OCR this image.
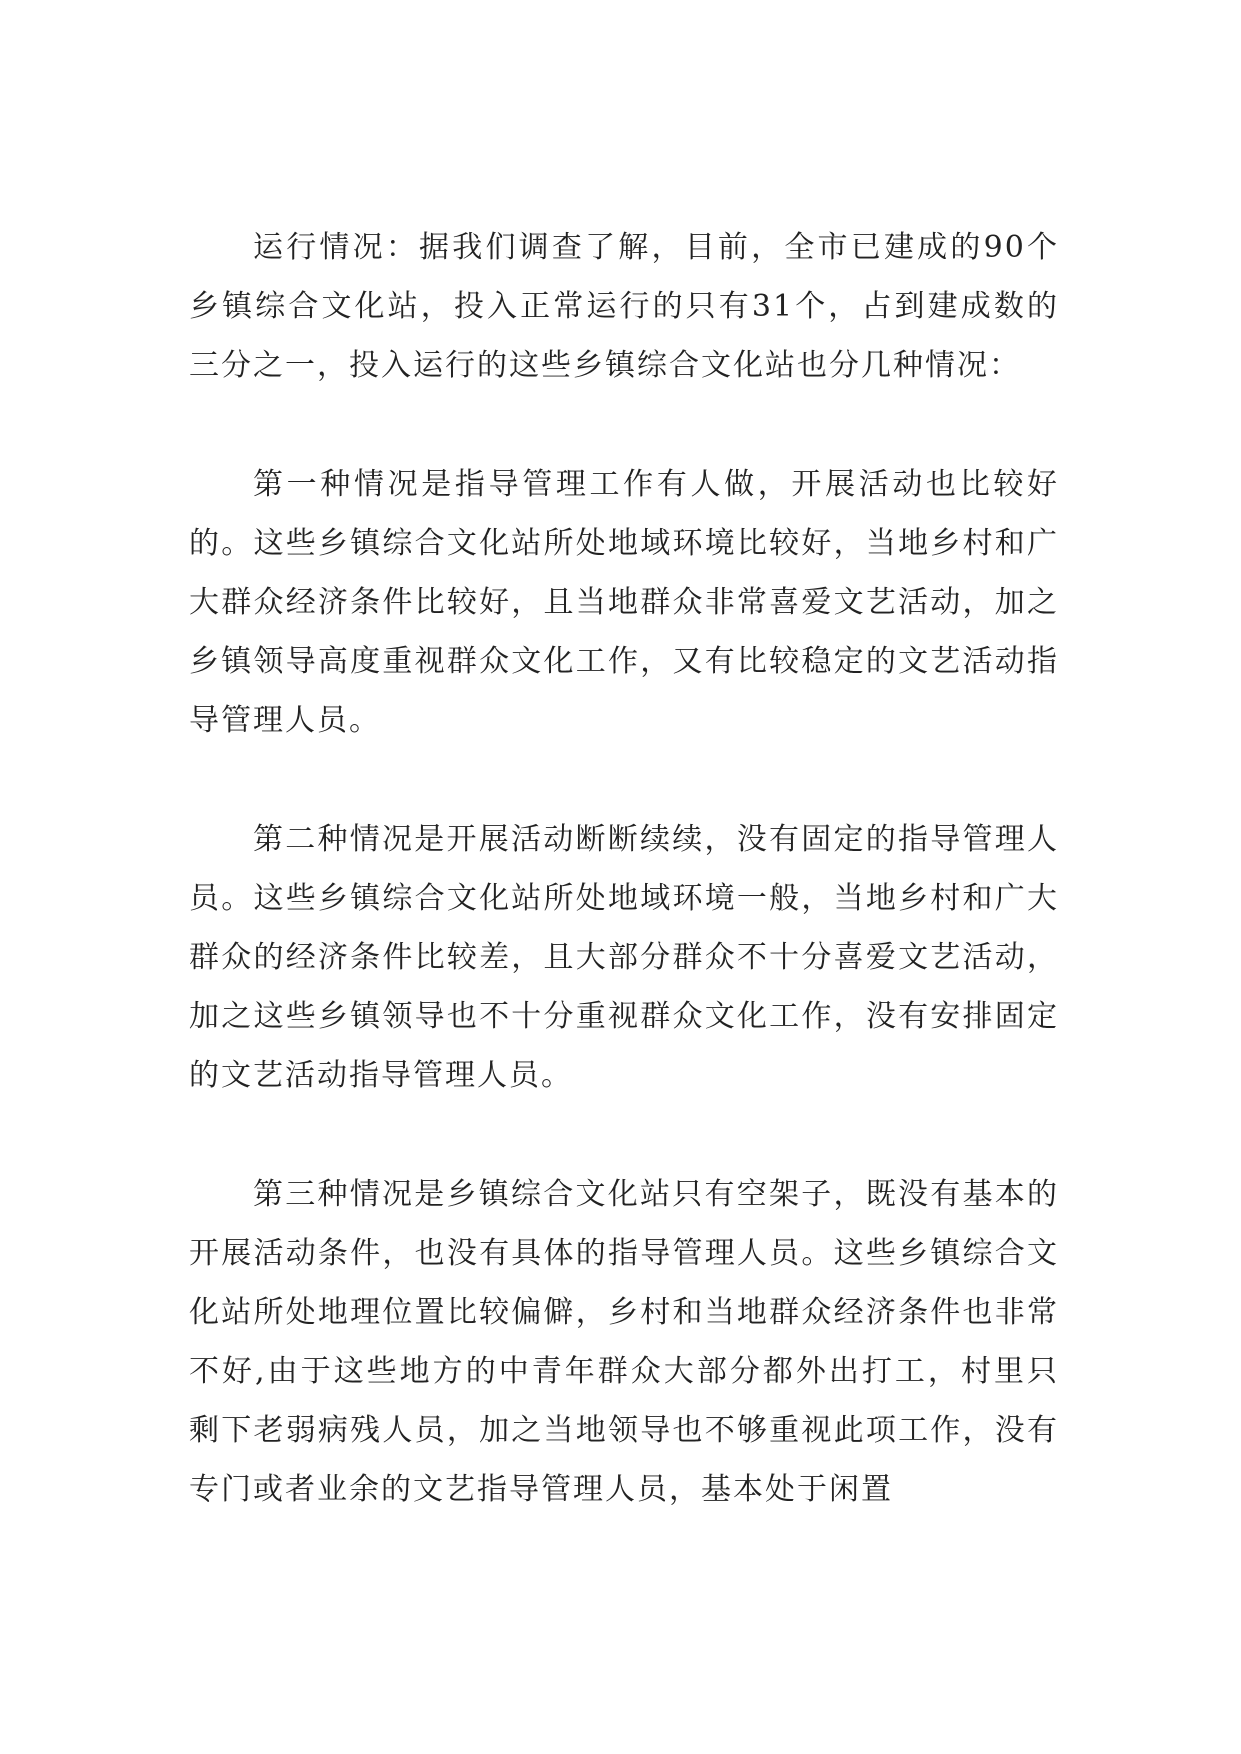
运行情况：据我们调查了解，目前，全市已建成的90个乡镇综合文化站，投入正常运行的只有31个，占到建成数的三分之一，投入运行的这些乡镇综合文化站也分几种情况：

第一种情况是指导管理工作有人做，开展活动也比较好的。这些乡镇综合文化站所处地域环境比较好，当地乡村和广大群众经济条件比较好，且当地群众非常喜爱文艺活动，加之乡镇领导高度重视群众文化工作，又有比较稳定的文艺活动指导管理人员。

第二种情况是开展活动断断续续，没有固定的指导管理人员。这些乡镇综合文化站所处地域环境一般，当地乡村和广大群众的经济条件比较差，且大部分群众不十分喜爱文艺活动，加之这些乡镇领导也不十分重视群众文化工作，没有安排固定的文艺活动指导管理人员。

第三种情况是乡镇综合文化站只有空架子，既没有基本的开展活动条件，也没有具体的指导管理人员。这些乡镇综合文化站所处地理位置比较偏僻，乡村和当地群众经济条件也非常不好,由于这些地方的中青年群众大部分都外出打工，村里只剩下老弱病残人员，加之当地领导也不够重视此项工作，没有专门或者业余的文艺指导管理人员，基本处于闲置
